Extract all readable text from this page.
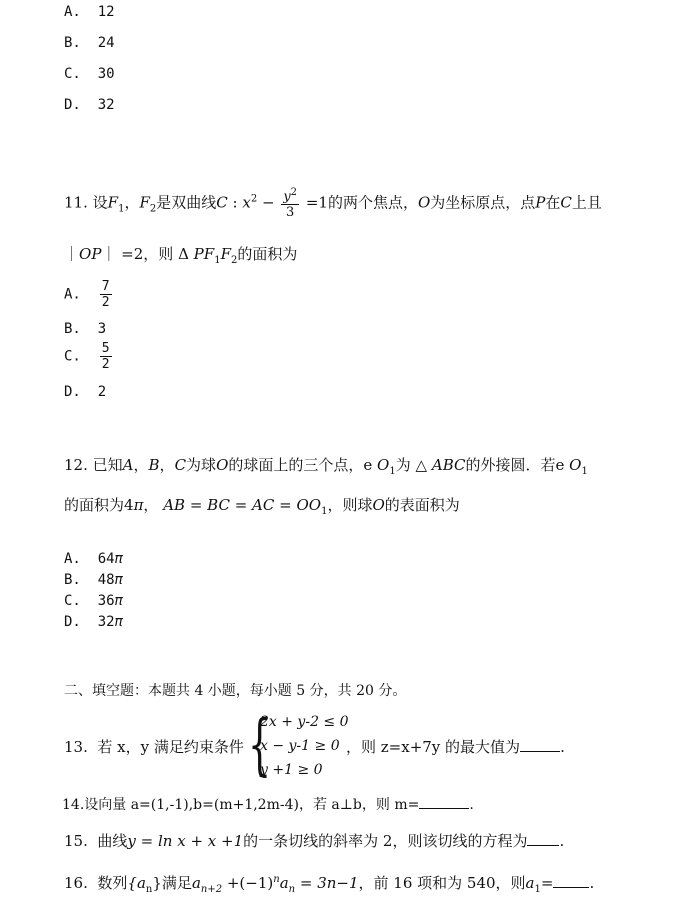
A. 12
B. 24
C. 30
D. 32
11. 设$F_1$，$F_2$是双曲线C : $x^2 - \frac{y^2}{3} =1$的两个焦点，O为坐标原点，点P在C上且
｜OP｜ =2，则 Δ $PF_1F_2$的面积为
A. $\frac{7}{2}$
B. 3
C. $\frac{5}{2}$
D. 2
12. 已知A，B，C为球O的球面上的三个点，e $O_1$为 △ ABC的外接圆．若e $O_1$
的面积为4π， AB = BC = AC = $OO_1$，则球O的表面积为
A. 64π
B. 48π
C. 36π
D. 32π
二、填空题：本题共 4 小题，每小题 5 分，共 20 分。
13. 若 x，y 满足约束条件 {
2x + y-2 ≤ 0
x − y-1 ≥ 0
y +1 ≥ 0
，则 z=x+7y 的最大值为	.
14.设向量 a=(1,-1),b=(m+1,2m-4)，若 a⊥b，则 m=	.
15. 曲线y = ln x + x +1的一条切线的斜率为 2，则该切线的方程为 .
16. 数列$\{a_n\}$满足$a_{n+2} +(-1)^na_n = 3n-1$，前 16 项和为 540，则$a_1=$ .
